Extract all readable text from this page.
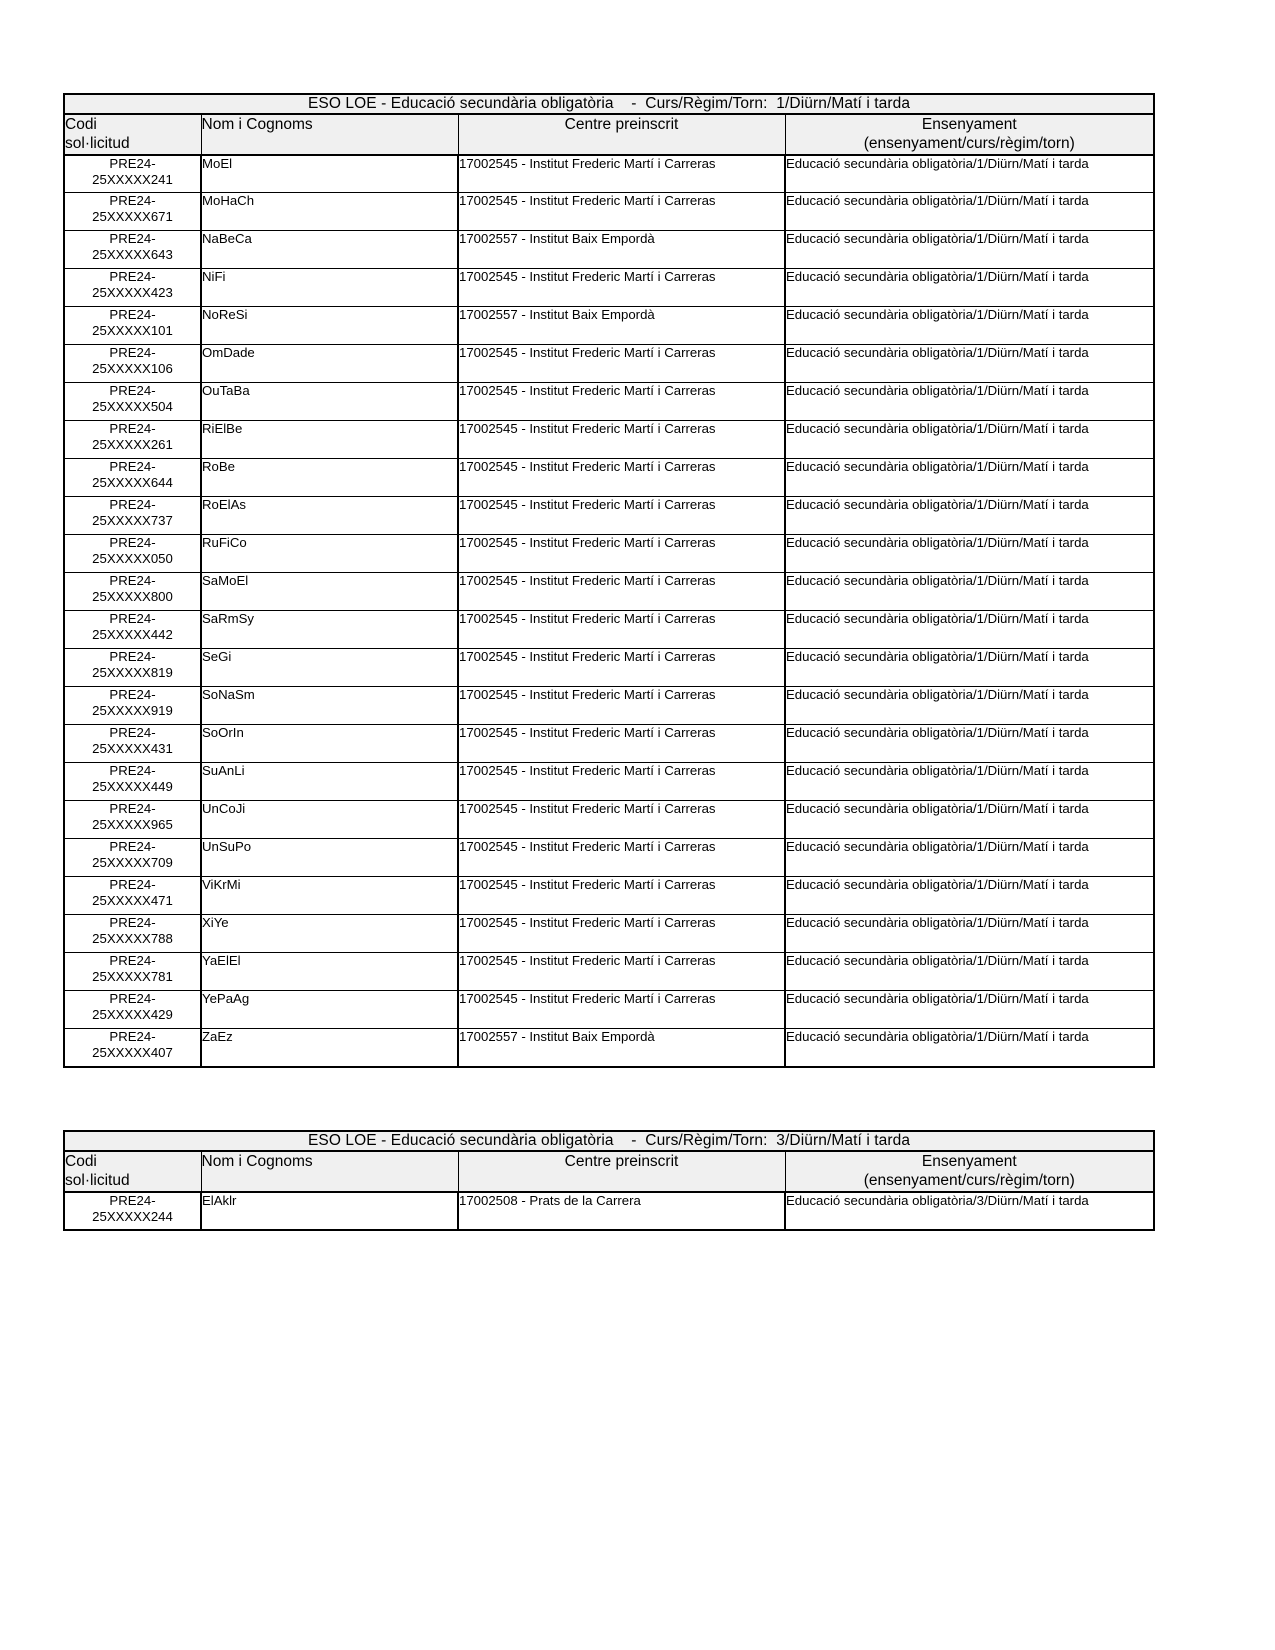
ESO LOE - Educació secundària obligatòria    -  Curs/Règim/Torn:  1/Diürn/Matí i tarda			
Codi
sol·licitud	Nom i Cognoms	Centre preinscrit	Ensenyament
(ensenyament/curs/règim/torn)

PRE24-
25XXXXX241	MoEl	17002545 - Institut Frederic Martí i Carreras	Educació secundària obligatòria/1/Diürn/Matí i tarda
PRE24-
25XXXXX671	MoHaCh	17002545 - Institut Frederic Martí i Carreras	Educació secundària obligatòria/1/Diürn/Matí i tarda
PRE24-
25XXXXX643	NaBeCa	17002557 - Institut Baix Empordà	Educació secundària obligatòria/1/Diürn/Matí i tarda
PRE24-
25XXXXX423	NiFi	17002545 - Institut Frederic Martí i Carreras	Educació secundària obligatòria/1/Diürn/Matí i tarda
PRE24-
25XXXXX101	NoReSi	17002557 - Institut Baix Empordà	Educació secundària obligatòria/1/Diürn/Matí i tarda
PRE24-
25XXXXX106	OmDade	17002545 - Institut Frederic Martí i Carreras	Educació secundària obligatòria/1/Diürn/Matí i tarda
PRE24-
25XXXXX504	OuTaBa	17002545 - Institut Frederic Martí i Carreras	Educació secundària obligatòria/1/Diürn/Matí i tarda
PRE24-
25XXXXX261	RiElBe	17002545 - Institut Frederic Martí i Carreras	Educació secundària obligatòria/1/Diürn/Matí i tarda
PRE24-
25XXXXX644	RoBe	17002545 - Institut Frederic Martí i Carreras	Educació secundària obligatòria/1/Diürn/Matí i tarda
PRE24-
25XXXXX737	RoElAs	17002545 - Institut Frederic Martí i Carreras	Educació secundària obligatòria/1/Diürn/Matí i tarda
PRE24-
25XXXXX050	RuFiCo	17002545 - Institut Frederic Martí i Carreras	Educació secundària obligatòria/1/Diürn/Matí i tarda
PRE24-
25XXXXX800	SaMoEl	17002545 - Institut Frederic Martí i Carreras	Educació secundària obligatòria/1/Diürn/Matí i tarda
PRE24-
25XXXXX442	SaRmSy	17002545 - Institut Frederic Martí i Carreras	Educació secundària obligatòria/1/Diürn/Matí i tarda
PRE24-
25XXXXX819	SeGi	17002545 - Institut Frederic Martí i Carreras	Educació secundària obligatòria/1/Diürn/Matí i tarda
PRE24-
25XXXXX919	SoNaSm	17002545 - Institut Frederic Martí i Carreras	Educació secundària obligatòria/1/Diürn/Matí i tarda
PRE24-
25XXXXX431	SoOrIn	17002545 - Institut Frederic Martí i Carreras	Educació secundària obligatòria/1/Diürn/Matí i tarda
PRE24-
25XXXXX449	SuAnLi	17002545 - Institut Frederic Martí i Carreras	Educació secundària obligatòria/1/Diürn/Matí i tarda
PRE24-
25XXXXX965	UnCoJi	17002545 - Institut Frederic Martí i Carreras	Educació secundària obligatòria/1/Diürn/Matí i tarda
PRE24-
25XXXXX709	UnSuPo	17002545 - Institut Frederic Martí i Carreras	Educació secundària obligatòria/1/Diürn/Matí i tarda
PRE24-
25XXXXX471	ViKrMi	17002545 - Institut Frederic Martí i Carreras	Educació secundària obligatòria/1/Diürn/Matí i tarda
PRE24-
25XXXXX788	XiYe	17002545 - Institut Frederic Martí i Carreras	Educació secundària obligatòria/1/Diürn/Matí i tarda
PRE24-
25XXXXX781	YaElEl	17002545 - Institut Frederic Martí i Carreras	Educació secundària obligatòria/1/Diürn/Matí i tarda
PRE24-
25XXXXX429	YePaAg	17002545 - Institut Frederic Martí i Carreras	Educació secundària obligatòria/1/Diürn/Matí i tarda
PRE24-
25XXXXX407	ZaEz	17002557 - Institut Baix Empordà	Educació secundària obligatòria/1/Diürn/Matí i tarda
ESO LOE - Educació secundària obligatòria    -  Curs/Règim/Torn:  3/Diürn/Matí i tarda			
Codi
sol·licitud	Nom i Cognoms	Centre preinscrit	Ensenyament
(ensenyament/curs/règim/torn)

PRE24-
25XXXXX244	ElAklr	17002508 - Prats de la Carrera	Educació secundària obligatòria/3/Diürn/Matí i tarda
